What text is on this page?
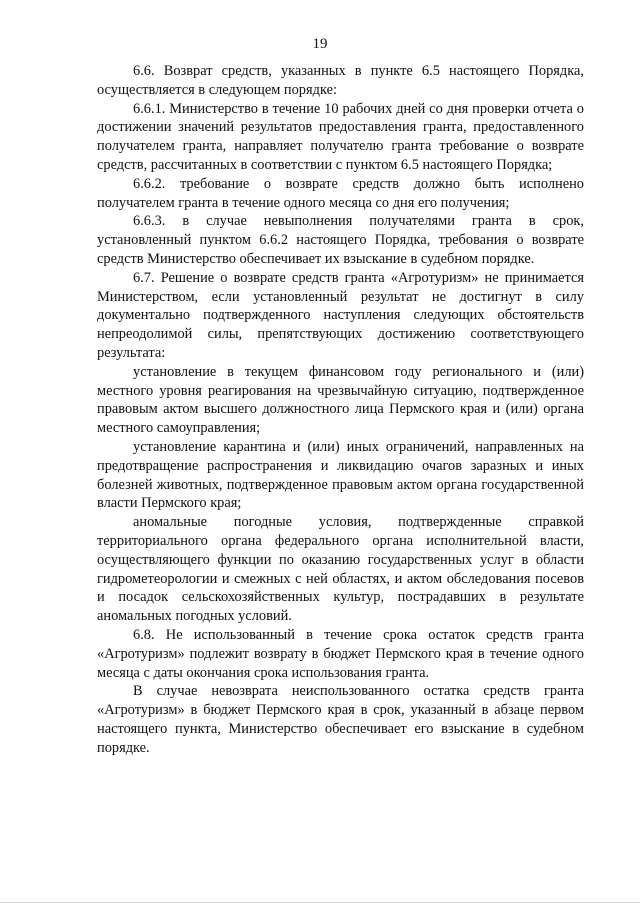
19

6.6. Возврат средств, указанных в пункте 6.5 настоящего Порядка, осуществляется в следующем порядке:

6.6.1. Министерство в течение 10 рабочих дней со дня проверки отчета о достижении значений результатов предоставления гранта, предоставленного получателем гранта, направляет получателю гранта требование о возврате средств, рассчитанных в соответствии с пунктом 6.5 настоящего Порядка;

6.6.2. требование о возврате средств должно быть исполнено получателем гранта в течение одного месяца со дня его получения;

6.6.3. в случае невыполнения получателями гранта в срок, установленный пунктом 6.6.2 настоящего Порядка, требования о возврате средств Министерство обеспечивает их взыскание в судебном порядке.

6.7. Решение о возврате средств гранта «Агротуризм» не принимается Министерством, если установленный результат не достигнут в силу документально подтвержденного наступления следующих обстоятельств непреодолимой силы, препятствующих достижению соответствующего результата:

установление в текущем финансовом году регионального и (или) местного уровня реагирования на чрезвычайную ситуацию, подтвержденное правовым актом высшего должностного лица Пермского края и (или) органа местного самоуправления;

установление карантина и (или) иных ограничений, направленных на предотвращение распространения и ликвидацию очагов заразных и иных болезней животных, подтвержденное правовым актом органа государственной власти Пермского края;

аномальные погодные условия, подтвержденные справкой территориального органа федерального органа исполнительной власти, осуществляющего функции по оказанию государственных услуг в области гидрометеорологии и смежных с ней областях, и актом обследования посевов и посадок сельскохозяйственных культур, пострадавших в результате аномальных погодных условий.

6.8. Не использованный в течение срока остаток средств гранта «Агротуризм» подлежит возврату в бюджет Пермского края в течение одного месяца с даты окончания срока использования гранта.

В случае невозврата неиспользованного остатка средств гранта «Агротуризм» в бюджет Пермского края в срок, указанный в абзаце первом настоящего пункта, Министерство обеспечивает его взыскание в судебном порядке.
